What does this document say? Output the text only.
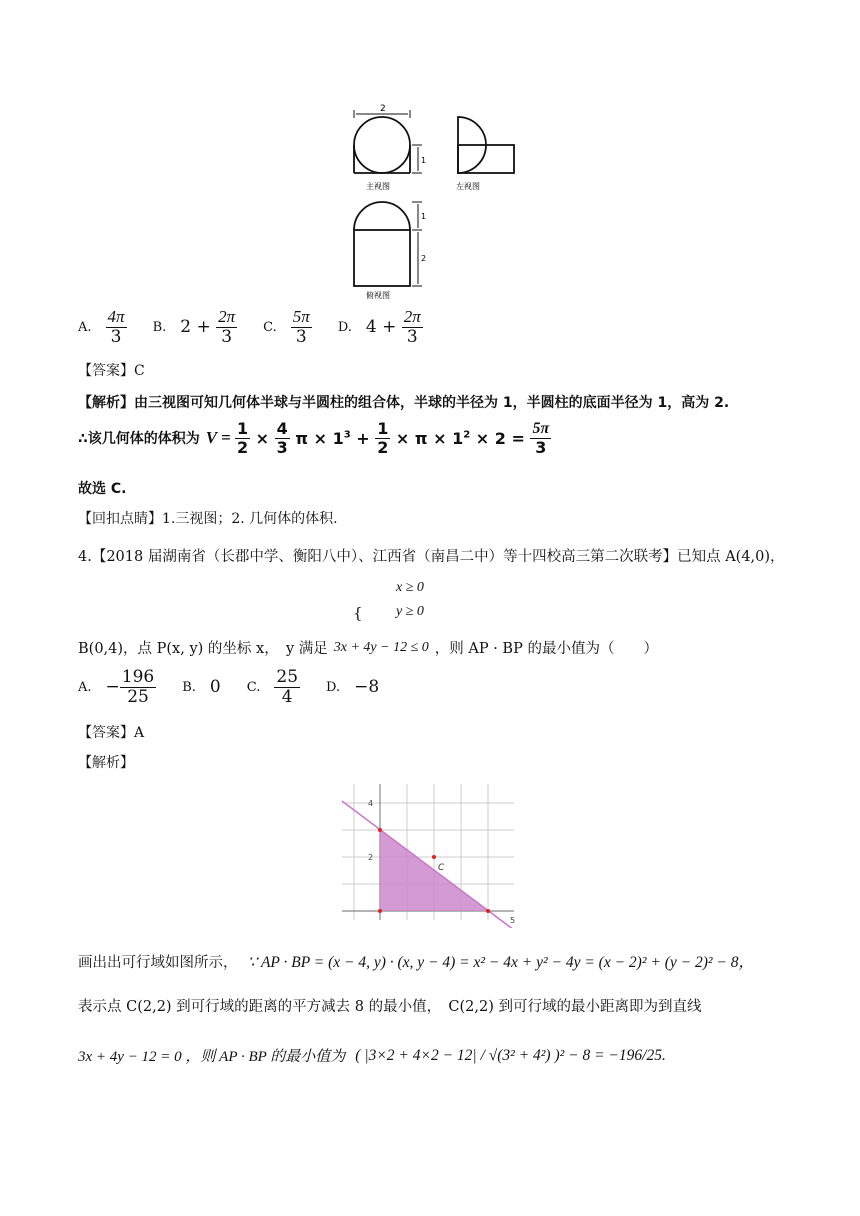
2
1
主视图	左视图
1
2
俯视图
A. $\frac{4\pi}{3} B$. $2 + \frac{2\pi}{3} C$. $\frac{5\pi}{3} D$. $4 + \frac{2\pi}{3}$
【答案】C
【解析】由三视图可知几何体半球与半圆柱的组合体，半球的半径为 1，半圆柱的底面半径为 1，高为 2.
∴该几何体的体积为 $V = \frac{1}{2} \times \frac{4}{3}$ $\pi \times 1^3 + \frac{1}{2} \times \pi \times 1^2 \times 2 = \frac{5\pi}{3}$
故选 C.
【回扣点睛】1.三视图；2. 几何体的体积.
4.【2018 届湖南省（长郡中学、衡阳八中）、江西省（南昌二中）等十四校高三第二次联考】已知点 A(4,0)，
x ≥ 0
{ y ≥ 0
B(0,4)，点 P(x, y) 的坐标 x，　y 满足 3x + 4y − 12 ≤ 0 ，则 AP · BP 的最小值为（　　）
A. − $\frac{196}{25} B$. 0 C. $\frac{25}{4} D$. −8
【答案】A
【解析】
4
2
5
C
画出出可行域如图所示， ∵ AP · BP = (x − 4, y) · (x, y − 4) = x² − 4x + y² − 4y = (x − 2)² + (y − 2)² − 8，
表示点 C(2,2) 到可行域的距离的平方减去 8 的最小值，　C(2,2) 到可行域的最小距离即为到直线
3x + 4y − 12 = 0 ，则 AP · BP 的最小值为 ( |3×2 + 4×2 − 12| / √(3² + 4²) )² − 8 = −196/25.
